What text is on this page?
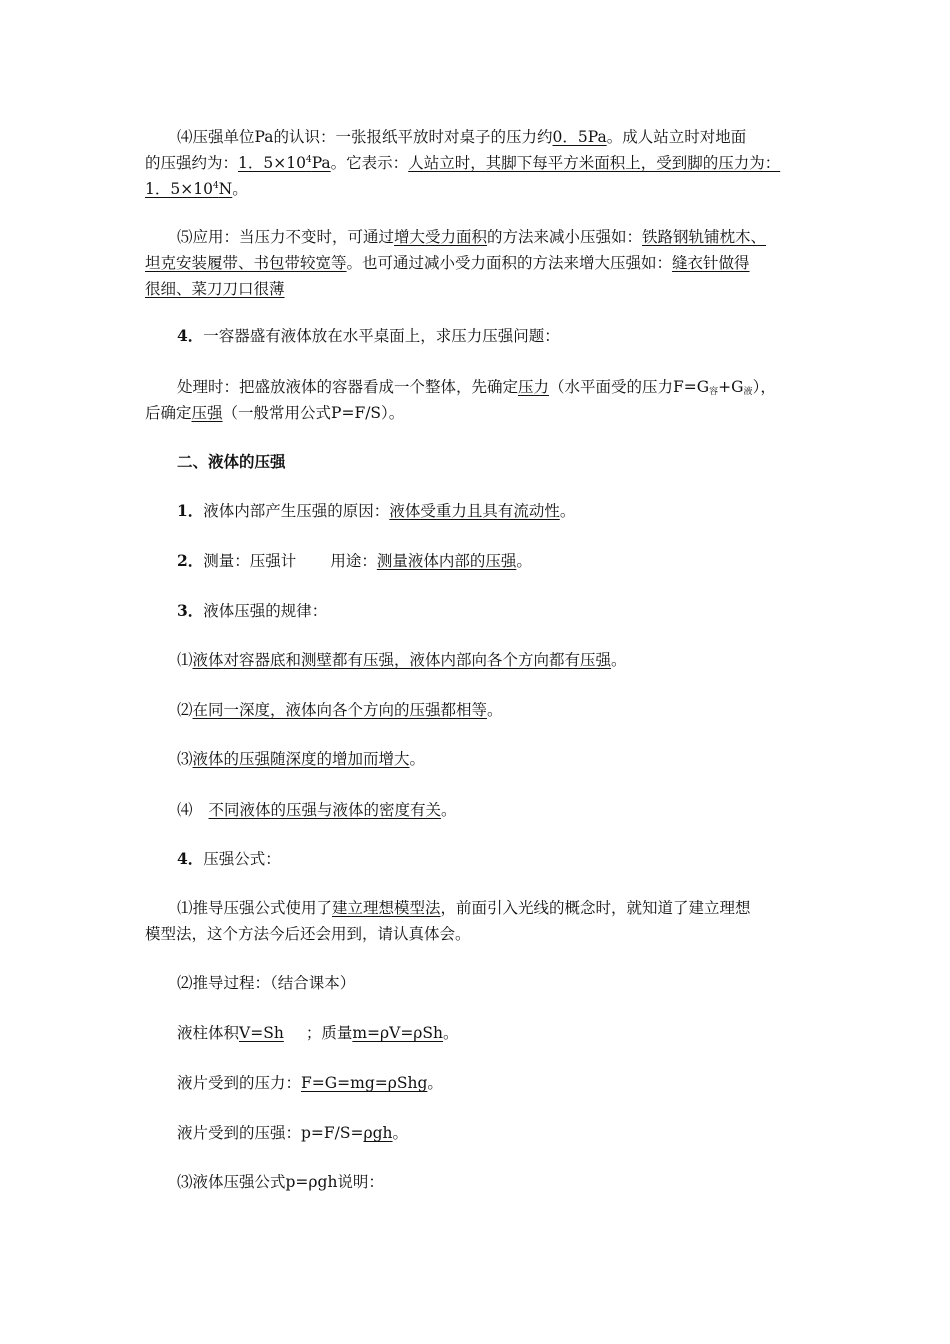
⑷压强单位Pa的认识：一张报纸平放时对桌子的压力约0．5Pa。成人站立时对地面

的压强约为：1．$5\times 10^4Pa$。它表示：人站立时，其脚下每平方米面积上，受到脚的压力为：

1．$5\times 10^4N$。

⑸应用：当压力不变时，可通过增大受力面积的方法来减小压强如：铁路钢轨铺枕木、

坦克安装履带、书包带较宽等。也可通过减小受力面积的方法来增大压强如：缝衣针做得

很细、菜刀刀口很薄

4．一容器盛有液体放在水平桌面上，求压力压强问题：

处理时：把盛放液体的容器看成一个整体，先确定压力（水平面受的压力$F=G_容+G_液$），

后确定压强（一般常用公式P=F/S）。

二、液体的压强

1．液体内部产生压强的原因：液体受重力且具有流动性。

2．测量：压强计 用途：测量液体内部的压强。

3．液体压强的规律：

⑴液体对容器底和测壁都有压强，液体内部向各个方向都有压强。

⑵在同一深度，液体向各个方向的压强都相等。

⑶液体的压强随深度的增加而增大。

⑷ 不同液体的压强与液体的密度有关。

4．压强公式：

⑴推导压强公式使用了建立理想模型法，前面引入光线的概念时，就知道了建立理想

模型法，这个方法今后还会用到，请认真体会。

⑵推导过程：（结合课本）

液柱体积V=Sh ；质量m=ρV=ρSh。

液片受到的压力：F=G=mg=ρShg。

液片受到的压强：p=F/S=ρgh。

⑶液体压强公式p=ρgh说明：
